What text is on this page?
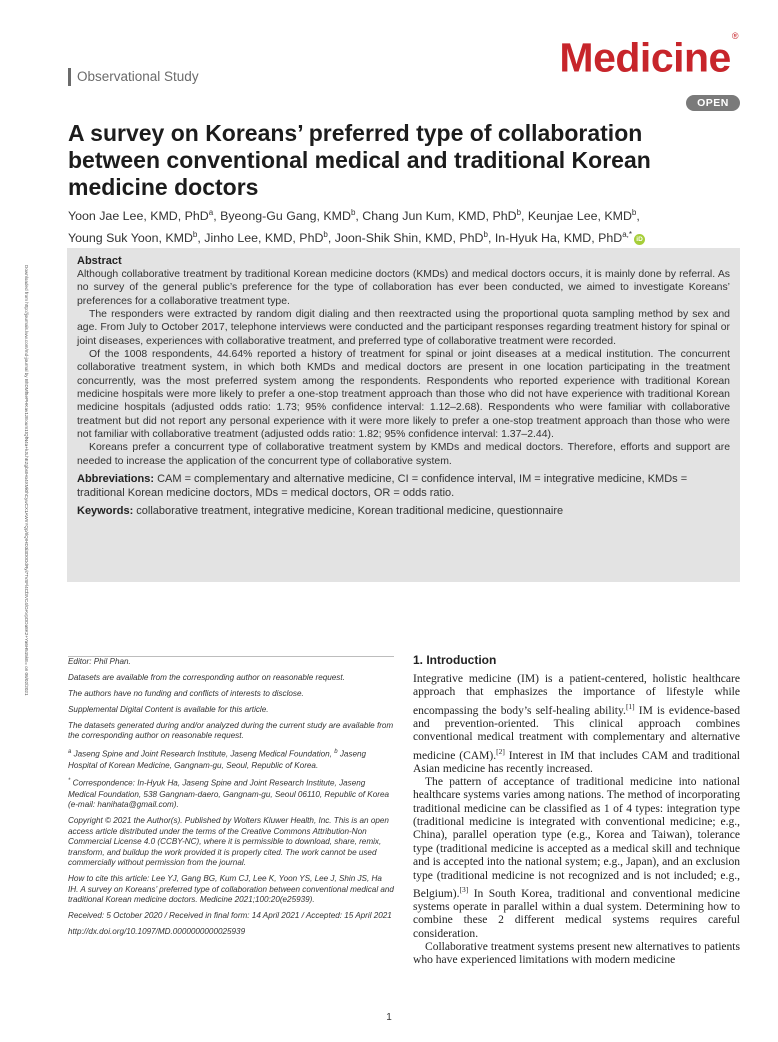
Downloaded from http://journals.lww.com/md-journal by BhDMf5ePHKav1zEoum1tQfN4a+kJLhEZgbsIHo4XMi0hCywCX1AWnYQp/IlQrHD3i3D0OdRyi7TvSFl4Cf3VC4/OAVpDDa8K2+Ya6H515kE= on 06/02/2021
Observational Study	Medicine®
OPEN
A survey on Koreans’ preferred type of collaboration between conventional medical and traditional Korean medicine doctors
Yoon Jae Lee, KMD, PhD$^a$, Byeong-Gu Gang, KMD$^b$, Chang Jun Kum, KMD, PhD$^b$, Keunjae Lee, KMD$^b$,
Young Suk Yoon, KMD$^b$, Jinho Lee, KMD, PhD$^b$, Joon-Shik Shin, KMD, PhD$^b$, In-Hyuk Ha, KMD, PhD$^{a,*}$iD
Abstract

Although collaborative treatment by traditional Korean medicine doctors (KMDs) and medical doctors occurs, it is mainly done by referral. As no survey of the general public’s preference for the type of collaboration has ever been conducted, we aimed to investigate Koreans’ preferences for a collaborative treatment type.

The responders were extracted by random digit dialing and then reextracted using the proportional quota sampling method by sex and age. From July to October 2017, telephone interviews were conducted and the participant responses regarding treatment history for spinal or joint diseases, experiences with collaborative treatment, and preferred type of collaborative treatment were recorded.

Of the 1008 respondents, 44.64% reported a history of treatment for spinal or joint diseases at a medical institution. The concurrent collaborative treatment system, in which both KMDs and medical doctors are present in one location participating in the treatment concurrently, was the most preferred system among the respondents. Respondents who reported experience with traditional Korean medicine hospitals were more likely to prefer a one-stop treatment approach than those who did not have experience with traditional Korean medicine hospitals (adjusted odds ratio: 1.73; 95% confidence interval: 1.12–2.68). Respondents who were familiar with collaborative treatment but did not report any personal experience with it were more likely to prefer a one-stop treatment approach than those who were not familiar with collaborative treatment (adjusted odds ratio: 1.82; 95% confidence interval: 1.37–2.44).

Koreans prefer a concurrent type of collaborative treatment system by KMDs and medical doctors. Therefore, efforts and support are needed to increase the application of the concurrent type of collaborative system.

Abbreviations: CAM = complementary and alternative medicine, CI = confidence interval, IM = integrative medicine, KMDs = traditional Korean medicine doctors, MDs = medical doctors, OR = odds ratio.

Keywords: collaborative treatment, integrative medicine, Korean traditional medicine, questionnaire

Editor: Phil Phan.

Datasets are available from the corresponding author on reasonable request.

The authors have no funding and conflicts of interests to disclose.

Supplemental Digital Content is available for this article.

The datasets generated during and/or analyzed during the current study are available from the corresponding author on reasonable request.

$^a$ Jaseng Spine and Joint Research Institute, Jaseng Medical Foundation, $^b$ Jaseng Hospital of Korean Medicine, Gangnam-gu, Seoul, Republic of Korea.

* Correspondence: In-Hyuk Ha, Jaseng Spine and Joint Research Institute, Jaseng Medical Foundation, 538 Gangnam-daero, Gangnam-gu, Seoul 06110, Republic of Korea (e-mail: hanihata@gmail.com).

Copyright © 2021 the Author(s). Published by Wolters Kluwer Health, Inc. This is an open access article distributed under the terms of the Creative Commons Attribution-Non Commercial License 4.0 (CCBY-NC), where it is permissible to download, share, remix, transform, and buildup the work provided it is properly cited. The work cannot be used commercially without permission from the journal.

How to cite this article: Lee YJ, Gang BG, Kum CJ, Lee K, Yoon YS, Lee J, Shin JS, Ha IH. A survey on Koreans’ preferred type of collaboration between conventional medical and traditional Korean medicine doctors. Medicine 2021;100:20(e25939).

Received: 5 October 2020 / Received in final form: 14 April 2021 / Accepted: 15 April 2021

http://dx.doi.org/10.1097/MD.0000000000025939

1. Introduction

Integrative medicine (IM) is a patient-centered, holistic healthcare approach that emphasizes the importance of lifestyle while encompassing the body’s self-healing ability.[1] IM is evidence-based and prevention-oriented. This clinical approach combines conventional medical treatment with complementary and alternative medicine (CAM).[2] Interest in IM that includes CAM and traditional Asian medicine has recently increased.

The pattern of acceptance of traditional medicine into national healthcare systems varies among nations. The method of incorporating traditional medicine can be classified as 1 of 4 types: integration type (traditional medicine is integrated with conventional medicine; e.g., China), parallel operation type (e.g., Korea and Taiwan), tolerance type (traditional medicine is accepted as a medical skill and technique and is accepted into the national system; e.g., Japan), and an exclusion type (traditional medicine is not recognized and is not included; e.g., Belgium).[3] In South Korea, traditional and conventional medicine systems operate in parallel within a dual system. Determining how to combine these 2 different medical systems requires careful consideration.

Collaborative treatment systems present new alternatives to patients who have experienced limitations with modern medicine

1
